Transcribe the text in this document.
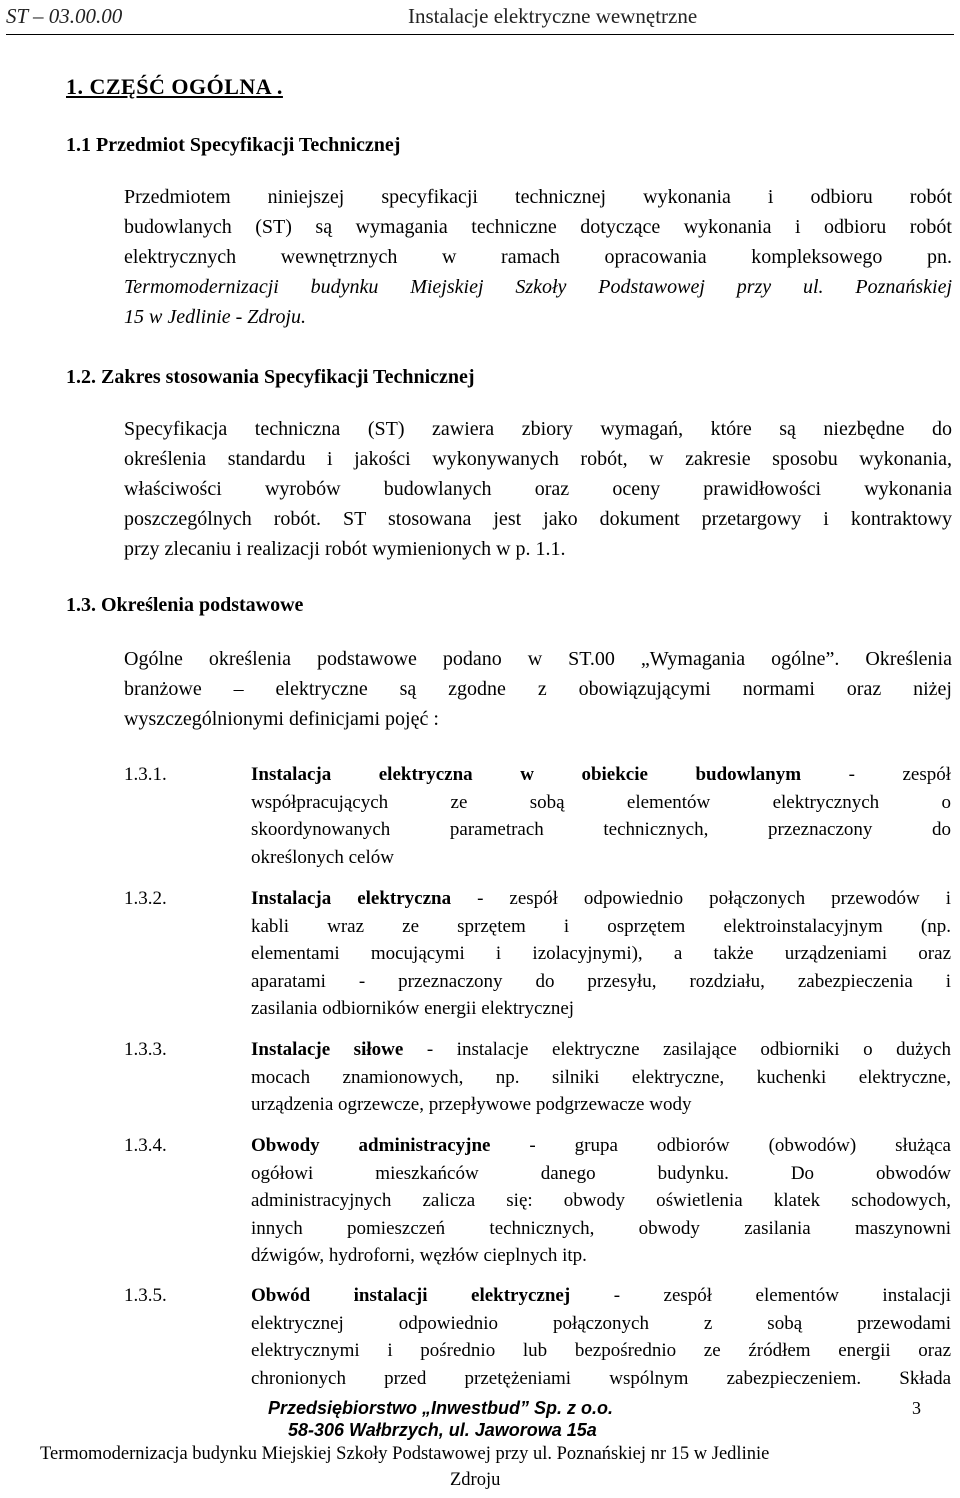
ST – 03.00.00	Instalacje elektryczne wewnętrzne
1. CZĘŚĆ OGÓLNA .
1.1 Przedmiot Specyfikacji Technicznej
Przedmiotem niniejszej specyfikacji technicznej wykonania i odbioru robót
budowlanych (ST) są wymagania techniczne dotyczące wykonania i odbioru robót
elektrycznych wewnętrznych w ramach opracowania kompleksowego pn.
Termomodernizacji budynku Miejskiej Szkoły Podstawowej przy ul. Poznańskiej
15 w Jedlinie - Zdroju.
1.2. Zakres stosowania Specyfikacji Technicznej
Specyfikacja techniczna (ST) zawiera zbiory wymagań, które są niezbędne do
określenia standardu i jakości wykonywanych robót, w zakresie sposobu wykonania,
właściwości wyrobów budowlanych oraz oceny prawidłowości wykonania
poszczególnych robót. ST stosowana jest jako dokument przetargowy i kontraktowy
przy zlecaniu i realizacji robót wymienionych w p. 1.1.
1.3. Określenia podstawowe
Ogólne określenia podstawowe podano w ST.00 „Wymagania ogólne”. Określenia
branżowe – elektryczne są zgodne z obowiązującymi normami oraz niżej
wyszczególnionymi definicjami pojęć :
1.3.1.	Instalacja elektryczna w obiekcie budowlanym - zespół
współpracujących ze sobą elementów elektrycznych o
skoordynowanych parametrach technicznych, przeznaczony do
określonych celów
1.3.2.	Instalacja elektryczna - zespół odpowiednio połączonych przewodów i
kabli wraz ze sprzętem i osprzętem elektroinstalacyjnym (np.
elementami mocującymi i izolacyjnymi), a także urządzeniami oraz
aparatami - przeznaczony do przesyłu, rozdziału, zabezpieczenia i
zasilania odbiorników energii elektrycznej
1.3.3.	Instalacje siłowe - instalacje elektryczne zasilające odbiorniki o dużych
mocach znamionowych, np. silniki elektryczne, kuchenki elektryczne,
urządzenia ogrzewcze, przepływowe podgrzewacze wody
1.3.4.	Obwody administracyjne - grupa odbiorów (obwodów) służąca
ogółowi mieszkańców danego budynku. Do obwodów
administracyjnych zalicza się: obwody oświetlenia klatek schodowych,
innych pomieszczeń technicznych, obwody zasilania maszynowni
dźwigów, hydroforni, węzłów cieplnych itp.
1.3.5.	Obwód instalacji elektrycznej - zespół elementów instalacji
elektrycznej odpowiednio połączonych z sobą przewodami
elektrycznymi i pośrednio lub bezpośrednio ze źródłem energii oraz
chronionych przed przetężeniami wspólnym zabezpieczeniem. Składa
Przedsiębiorstwo „Inwestbud” Sp. z o.o.	3
58-306 Wałbrzych, ul. Jaworowa 15a
Termomodernizacja budynku Miejskiej Szkoły Podstawowej przy ul. Poznańskiej nr 15 w Jedlinie
Zdroju
